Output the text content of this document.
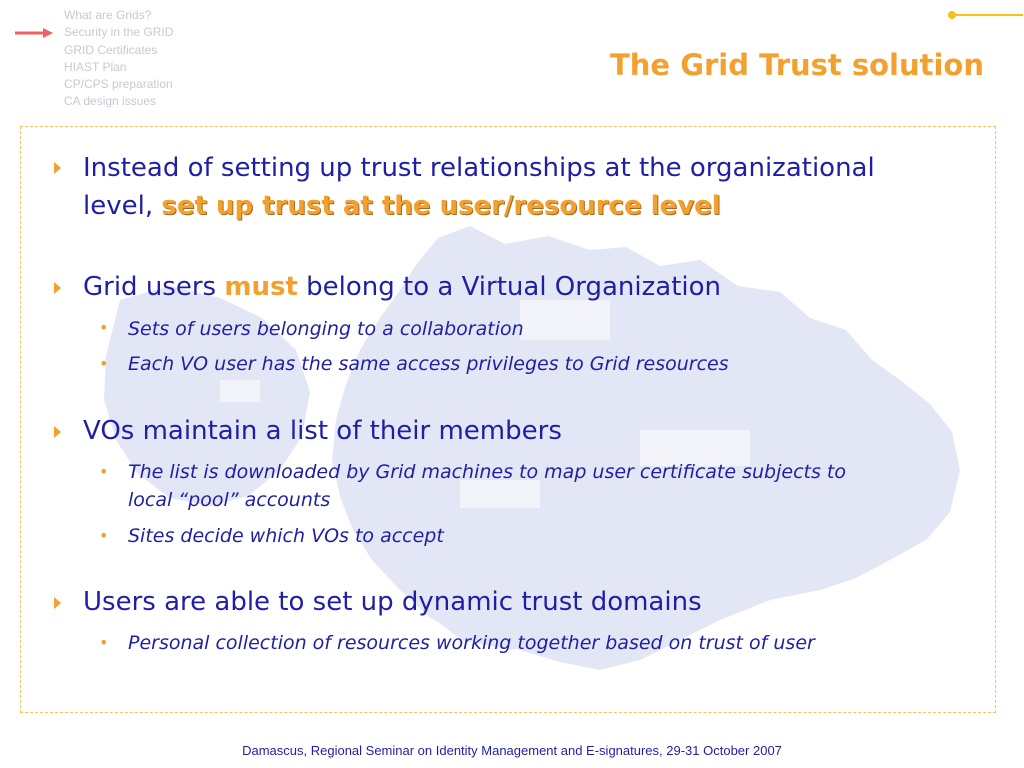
What are Grids?
Security in the GRID
GRID Certificates
HIAST Plan
CP/CPS preparation
CA design issues
The Grid Trust solution
Instead of setting up trust relationships at the organizational
level, set up trust at the user/resource level
Grid users must belong to a Virtual Organization
• Sets of users belonging to a collaboration
• Each VO user has the same access privileges to Grid resources
VOs maintain a list of their members
• The list is downloaded by Grid machines to map user certificate subjects to
local “pool” accounts
• Sites decide which VOs to accept
Users are able to set up dynamic trust domains
• Personal collection of resources working together based on trust of user
Damascus, Regional Seminar on Identity Management and E-signatures, 29-31 October 2007
